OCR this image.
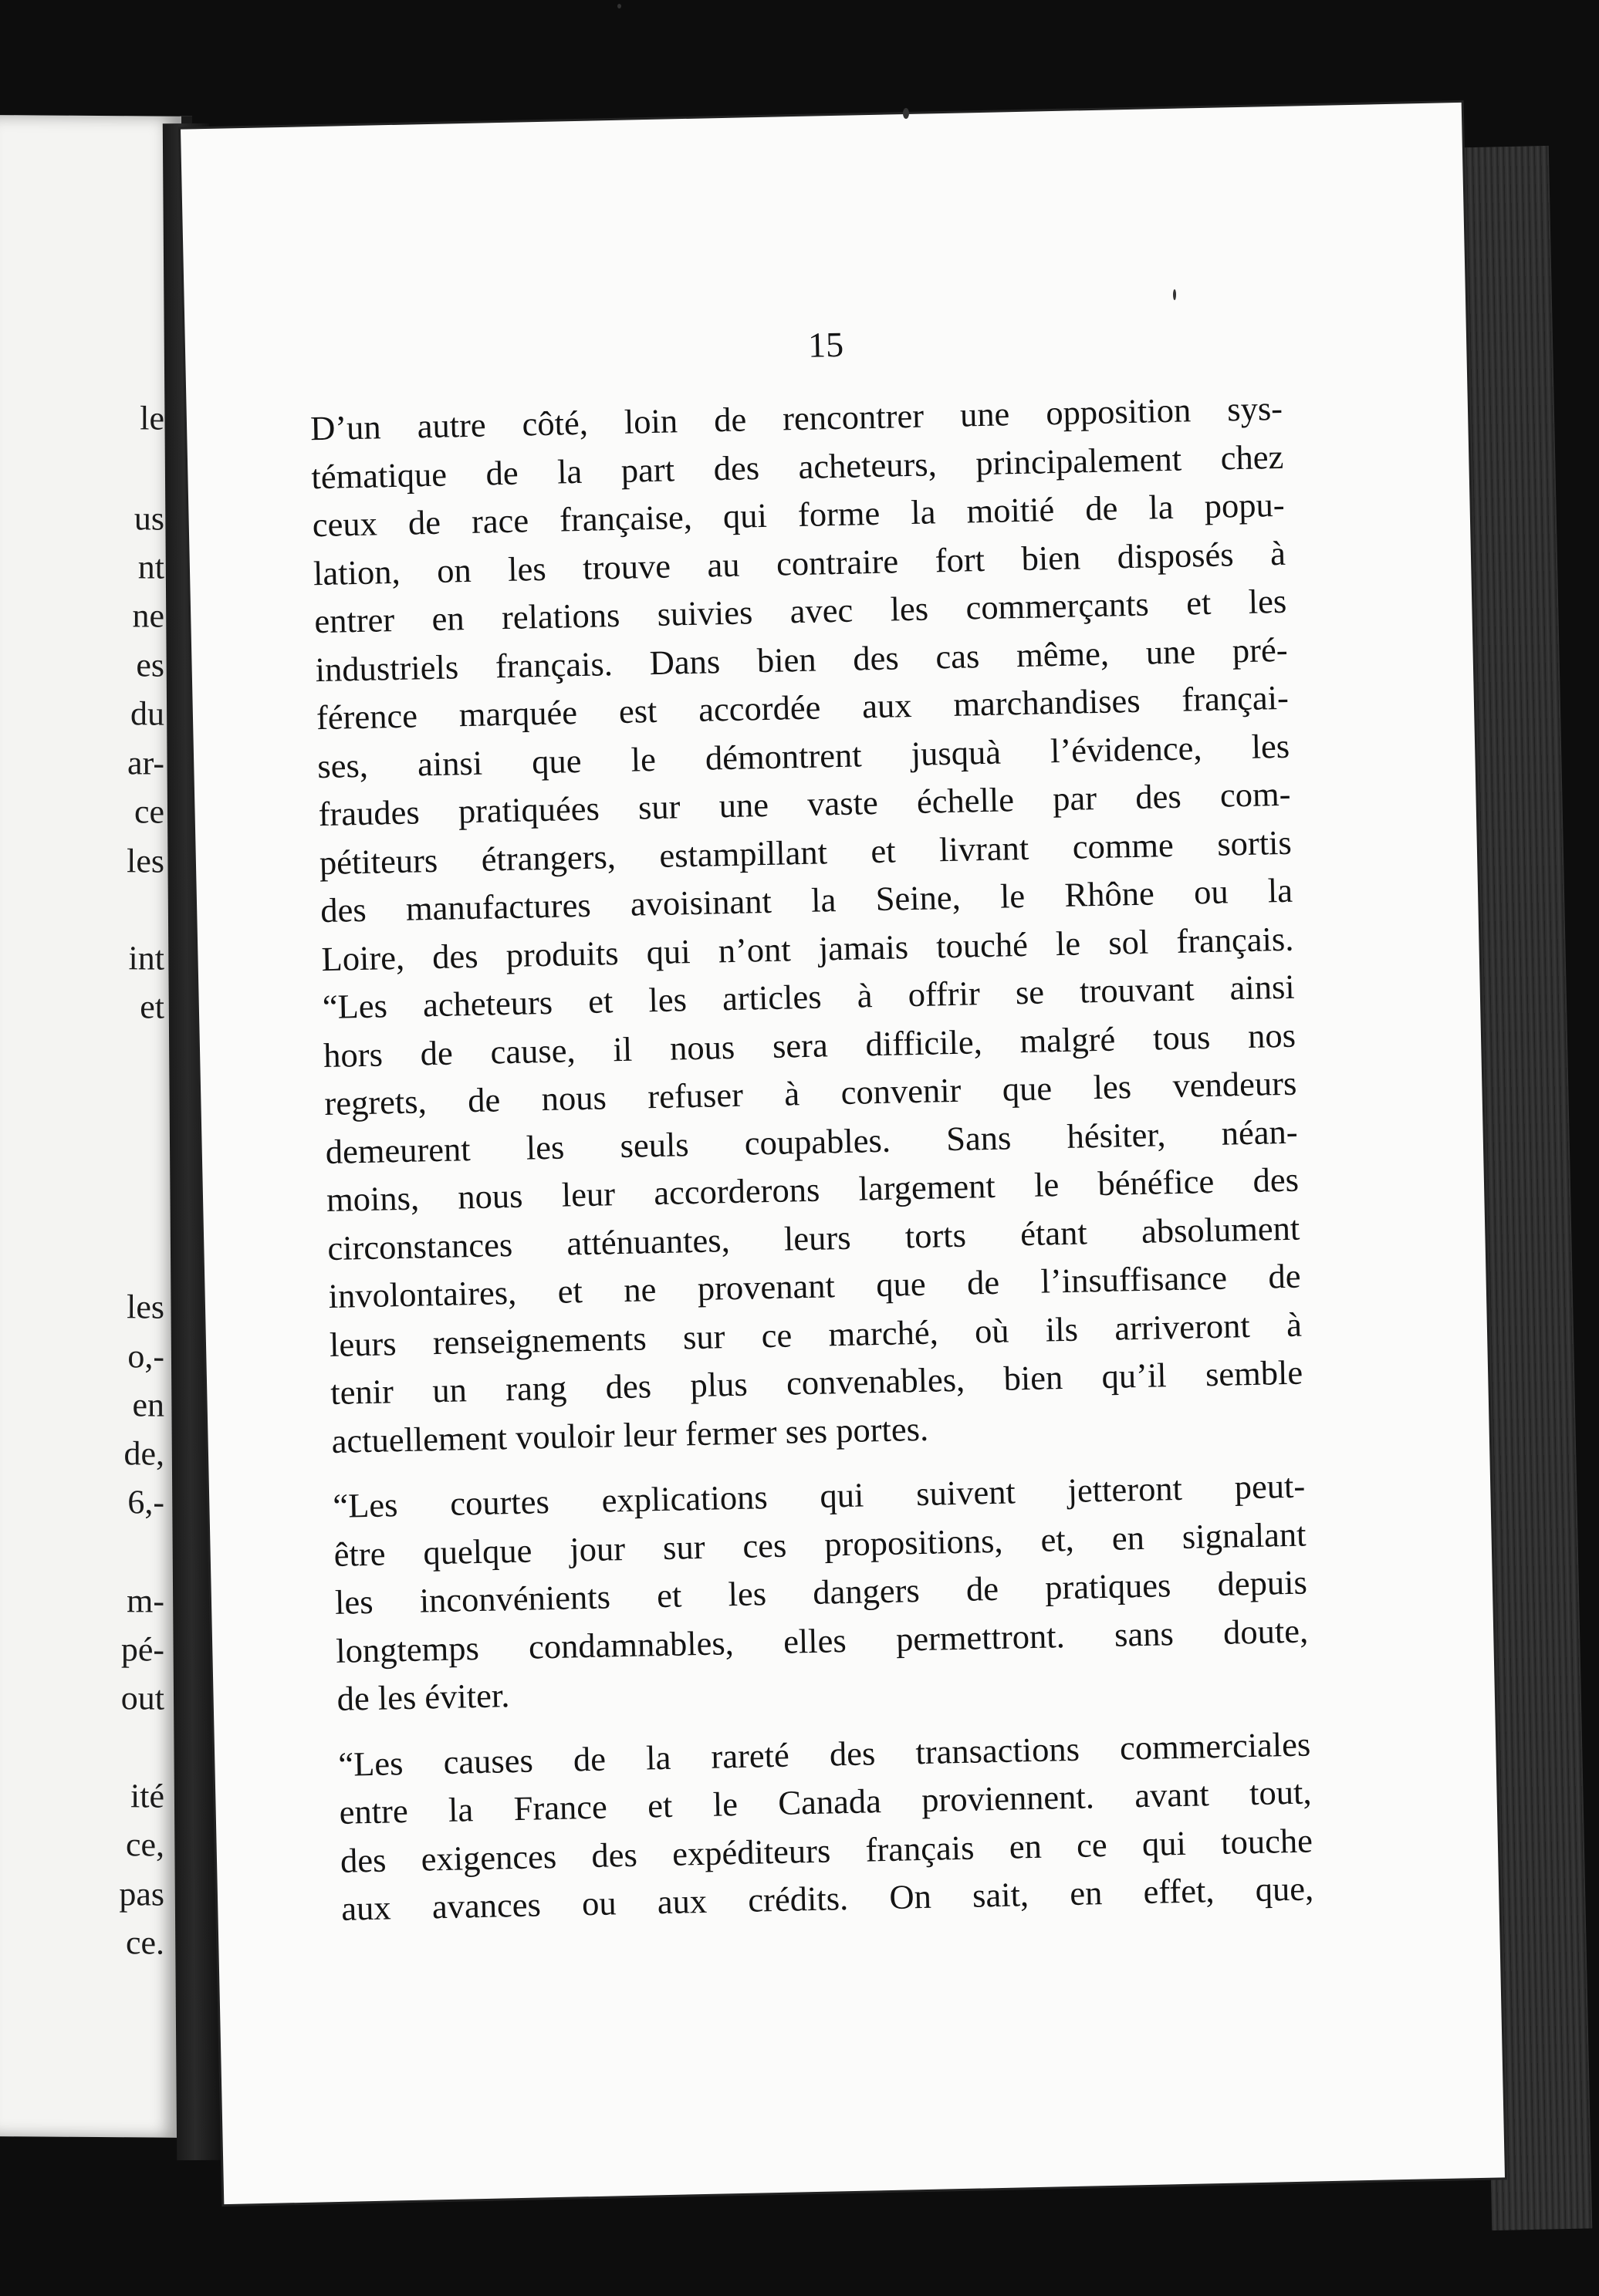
le
us
nt
ne
es
du
ar-
ce
les
int
et
les
o,-
en
de,
6,-
m-
pé-
out
ité
ce,
pas
ce.
15
D’un autre côté, loin de rencontrer une opposition sys-
tématique de la part des acheteurs, principalement chez
ceux de race française, qui forme la moitié de la popu-
lation, on les trouve au contraire fort bien disposés à
entrer en relations suivies avec les commerçants et les
industriels français. Dans bien des cas même, une pré-
férence marquée est accordée aux marchandises françai-
ses, ainsi que le démontrent jusquà l’évidence, les
fraudes pratiquées sur une vaste échelle par des com-
pétiteurs étrangers, estampillant et livrant comme sortis
des manufactures avoisinant la Seine, le Rhône ou la
Loire, des produits qui n’ont jamais touché le sol français.
“Les acheteurs et les articles à offrir se trouvant ainsi
hors de cause, il nous sera difficile, malgré tous nos
regrets, de nous refuser à convenir que les vendeurs
demeurent les seuls coupables. Sans hésiter, néan-
moins, nous leur accorderons largement le bénéfice des
circonstances atténuantes, leurs torts étant absolument
involontaires, et ne provenant que de l’insuffisance de
leurs renseignements sur ce marché, où ils arriveront à
tenir un rang des plus convenables, bien qu’il semble
actuellement vouloir leur fermer ses portes.
“Les courtes explications qui suivent jetteront peut-
être quelque jour sur ces propositions, et, en signalant
les inconvénients et les dangers de pratiques depuis
longtemps condamnables, elles permettront. sans doute,
de les éviter.
“Les causes de la rareté des transactions commerciales
entre la France et le Canada proviennent. avant tout,
des exigences des expéditeurs français en ce qui touche
aux avances ou aux crédits. On sait, en effet, que,
